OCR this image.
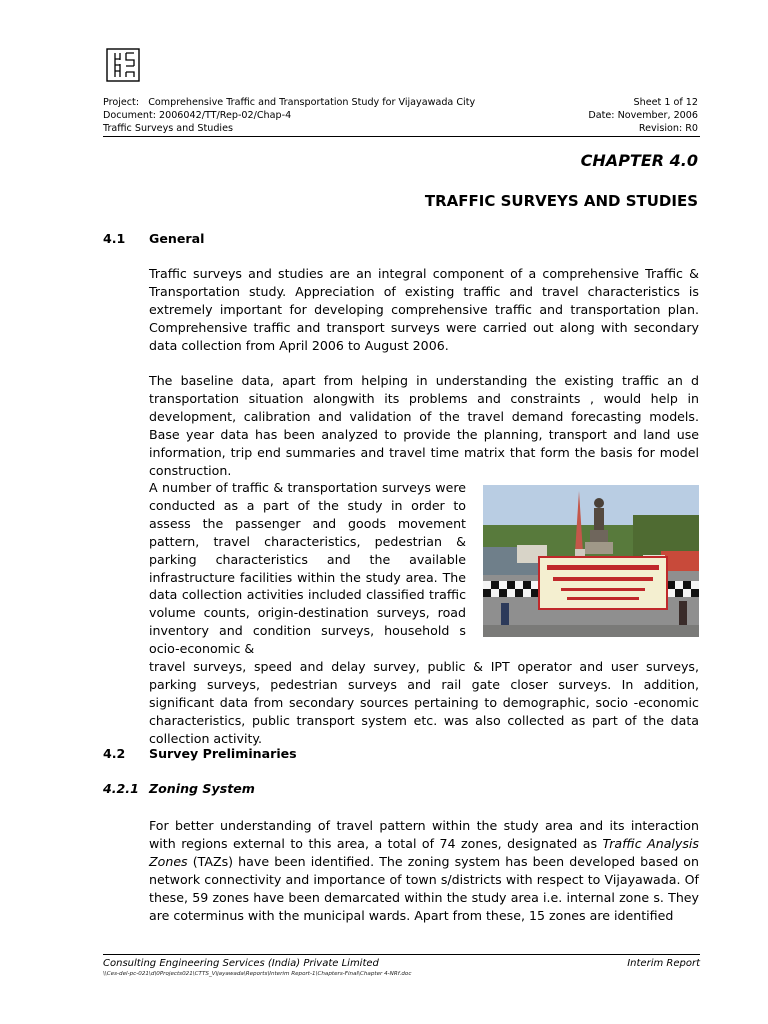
Project: Comprehensive Traffic and Transportation Study for Vijayawada City
Document: 2006042/TT/Rep-02/Chap-4
Traffic Surveys and Studies
Sheet 1 of 12
Date: November, 2006
Revision: R0
CHAPTER 4.0
TRAFFIC SURVEYS AND STUDIES
4.1 General

Traffic surveys and studies are an integral component of a comprehensive Traffic & Transportation study. Appreciation of existing traffic and travel characteristics is extremely important for developing comprehensive traffic and transportation plan. Comprehensive traffic and transport surveys were carried out along with secondary data collection from April 2006 to August 2006.

The baseline data, apart from helping in understanding the existing traffic an d transportation situation alongwith its problems and constraints , would help in development, calibration and validation of the travel demand forecasting models. Base year data has been analyzed to provide the planning, transport and land use information, trip end summaries and travel time matrix that form the basis for model construction.

A number of traffic & transportation surveys were conducted as a part of the study in order to assess the passenger and goods movement pattern, travel characteristics, pedestrian & parking characteristics and the available infrastructure facilities within the study area. The data collection activities included classified traffic volume counts, origin-destination surveys, road inventory and condition surveys, household s ocio-economic &
travel surveys, speed and delay survey, public & IPT operator and user surveys, parking surveys, pedestrian surveys and rail gate closer surveys. In addition, significant data from secondary sources pertaining to demographic, socio -economic characteristics, public transport system etc. was also collected as part of the data collection activity.
4.2 Survey Preliminaries
4.2.1 Zoning System

For better understanding of travel pattern within the study area and its interaction with regions external to this area, a total of 74 zones, designated as Traffic Analysis Zones (TAZs) have been identified. The zoning system has been developed based on network connectivity and importance of town s/districts with respect to Vijayawada. Of these, 59 zones have been demarcated within the study area i.e. internal zone s. They are coterminus with the municipal wards. Apart from these, 15 zones are identified

Consulting Engineering Services (India) Private Limited	Interim Report
\\Ces-del-pc-021\d\0Projects021\CTTS_Vijayawada\Reports\Interim Report-1\Chapters-Final\Chapter 4-NRf.doc
